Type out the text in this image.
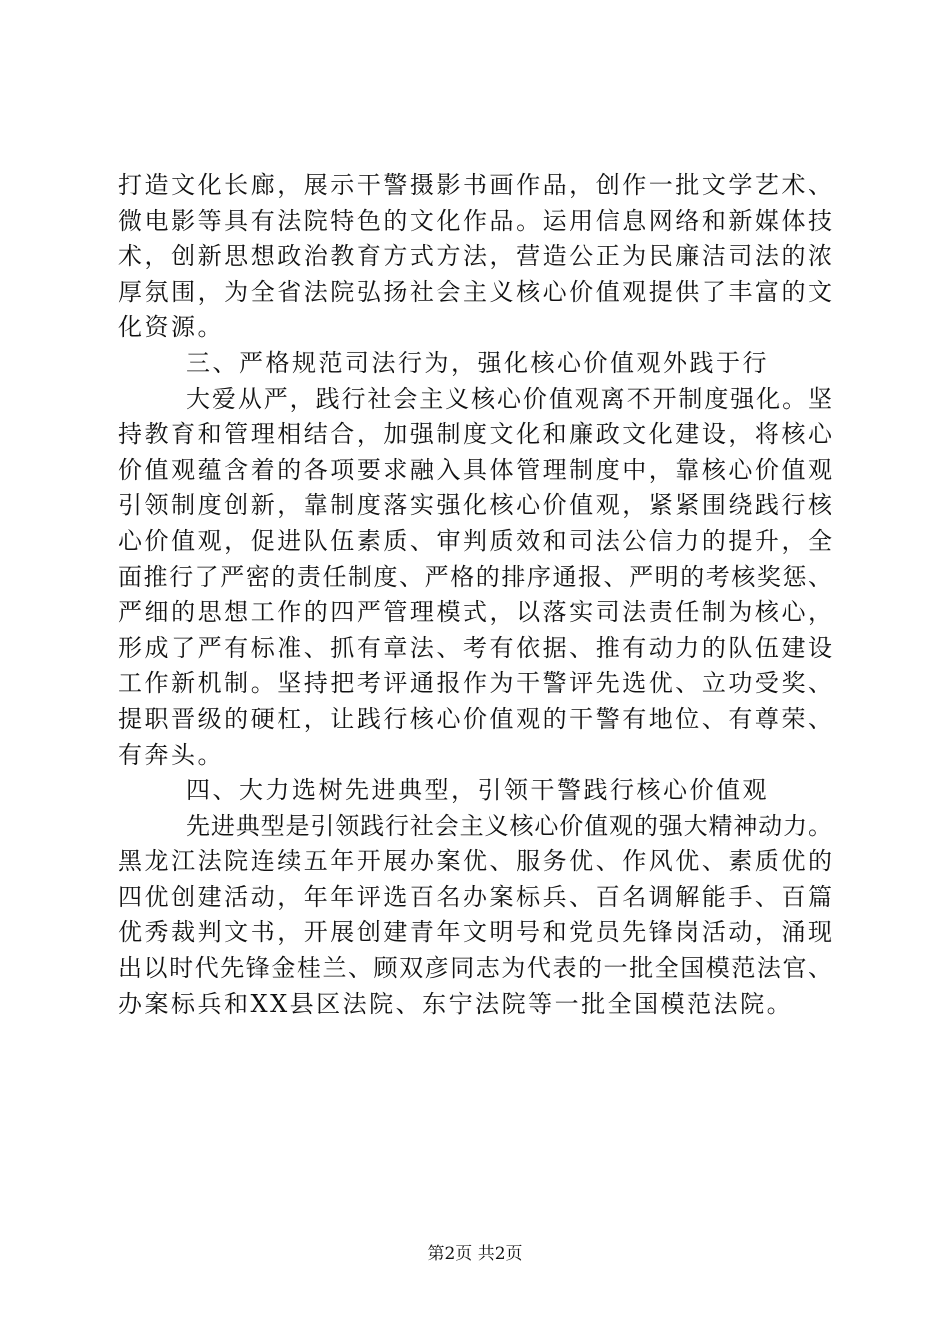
打造文化长廊，展示干警摄影书画作品，创作一批文学艺术、
微电影等具有法院特色的文化作品。运用信息网络和新媒体技
术，创新思想政治教育方式方法，营造公正为民廉洁司法的浓
厚氛围，为全省法院弘扬社会主义核心价值观提供了丰富的文
化资源。
三、严格规范司法行为，强化核心价值观外践于行
大爱从严，践行社会主义核心价值观离不开制度强化。坚
持教育和管理相结合，加强制度文化和廉政文化建设，将核心
价值观蕴含着的各项要求融入具体管理制度中，靠核心价值观
引领制度创新，靠制度落实强化核心价值观，紧紧围绕践行核
心价值观，促进队伍素质、审判质效和司法公信力的提升，全
面推行了严密的责任制度、严格的排序通报、严明的考核奖惩、
严细的思想工作的四严管理模式，以落实司法责任制为核心，
形成了严有标准、抓有章法、考有依据、推有动力的队伍建设
工作新机制。坚持把考评通报作为干警评先选优、立功受奖、
提职晋级的硬杠，让践行核心价值观的干警有地位、有尊荣、
有奔头。
四、大力选树先进典型，引领干警践行核心价值观
先进典型是引领践行社会主义核心价值观的强大精神动力。
黑龙江法院连续五年开展办案优、服务优、作风优、素质优的
四优创建活动，年年评选百名办案标兵、百名调解能手、百篇
优秀裁判文书，开展创建青年文明号和党员先锋岗活动，涌现
出以时代先锋金桂兰、顾双彦同志为代表的一批全国模范法官、
办案标兵和XX县区法院、东宁法院等一批全国模范法院。
第2页 共2页
